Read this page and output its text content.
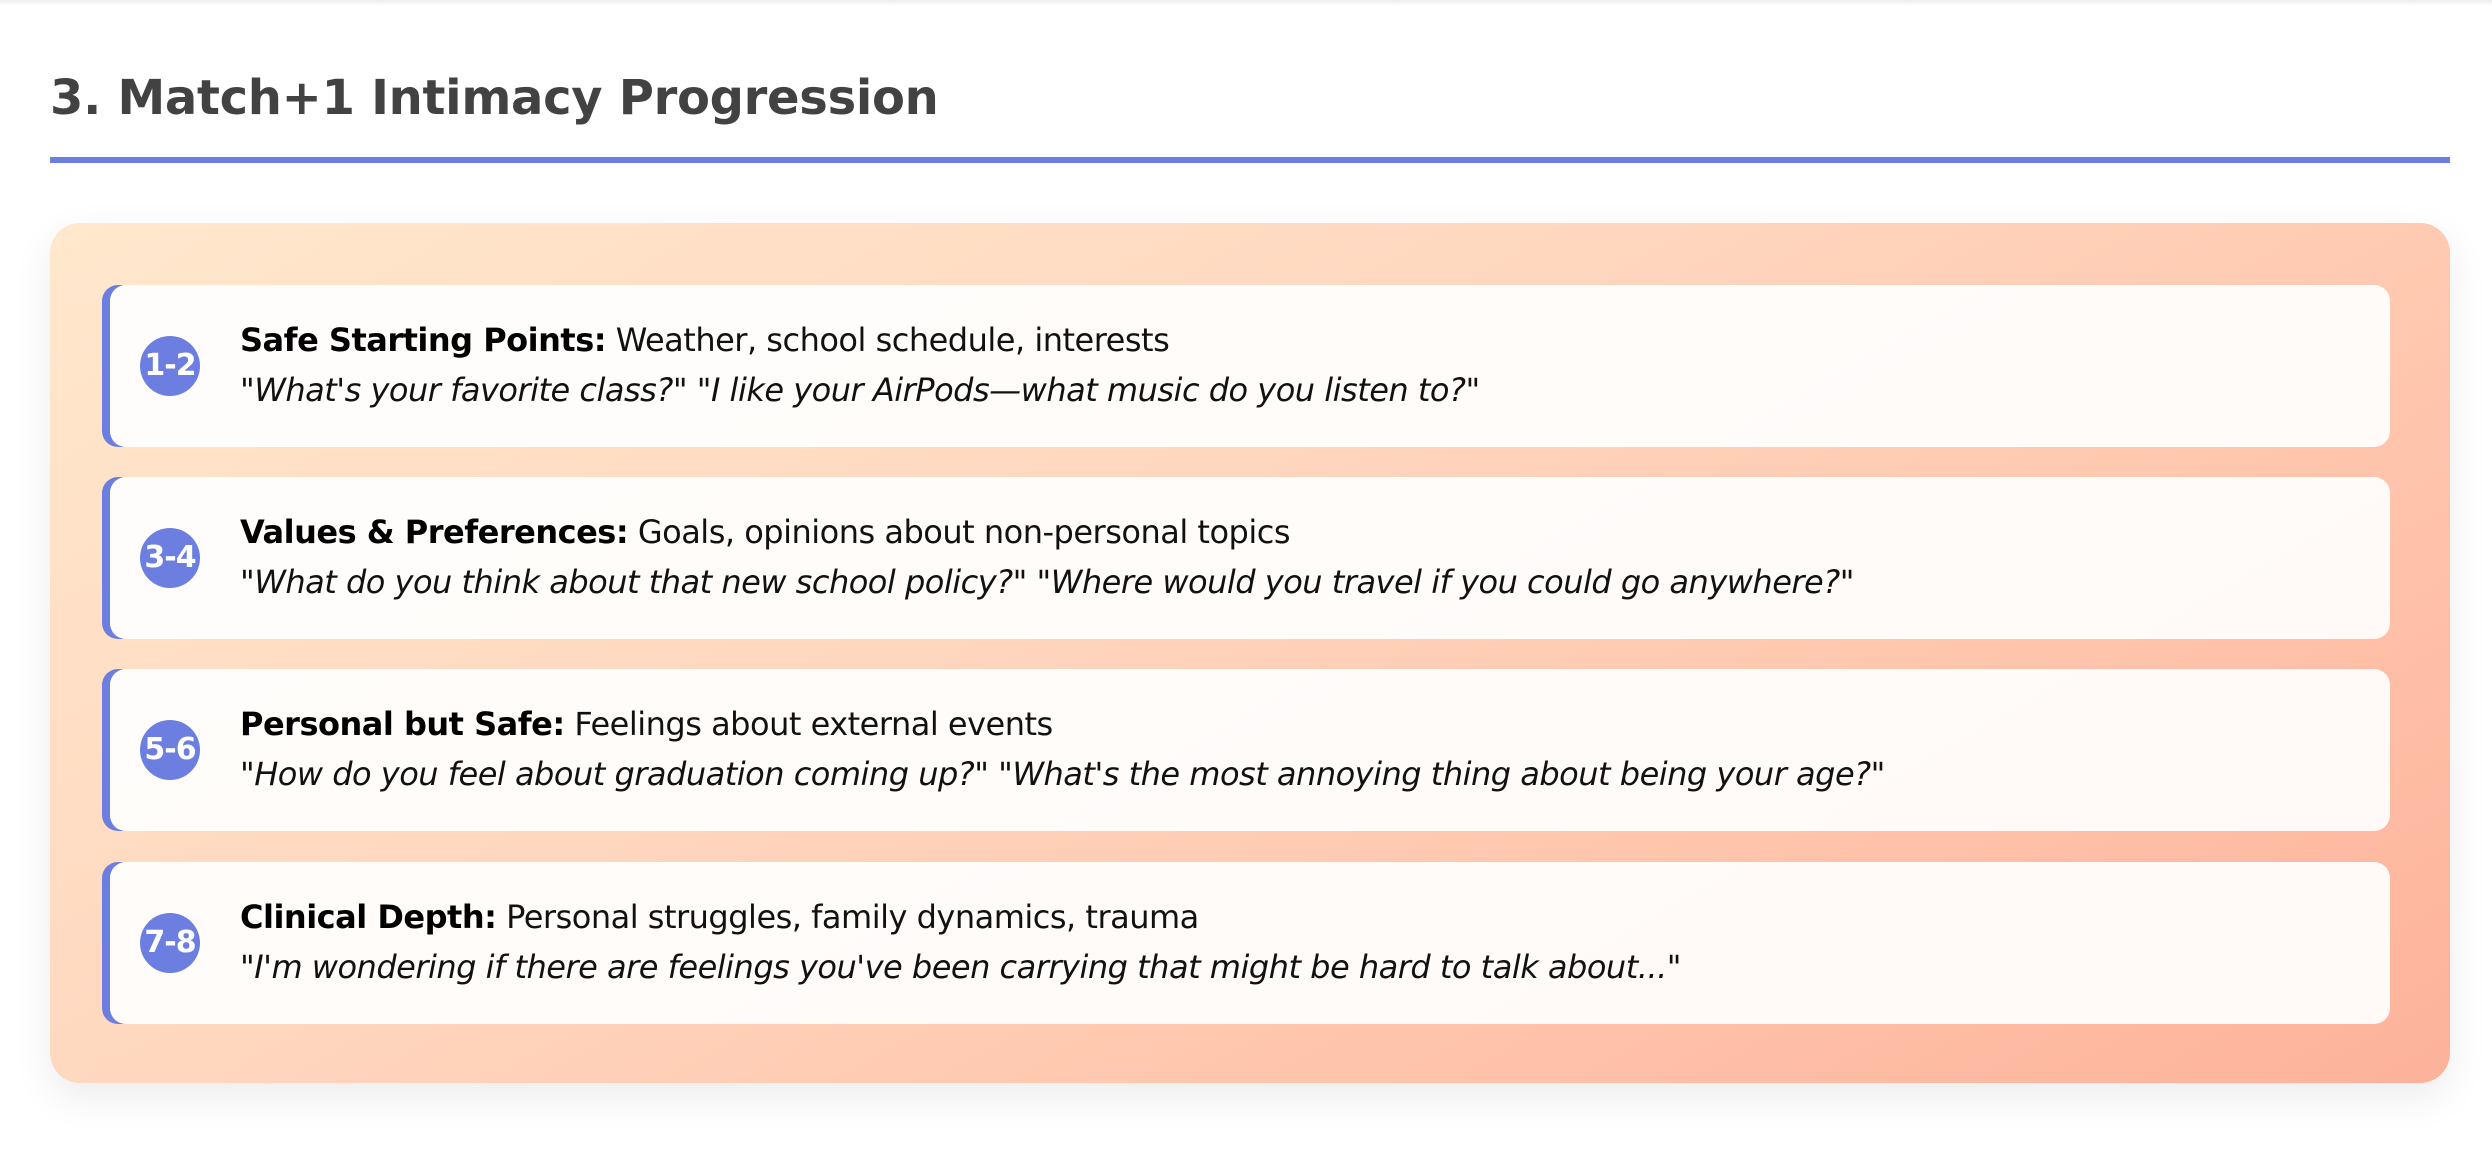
3. Match+1 Intimacy Progression
1-2
Safe Starting Points: Weather, school schedule, interests
"What's your favorite class?" "I like your AirPods—what music do you listen to?"
3-4
Values & Preferences: Goals, opinions about non-personal topics
"What do you think about that new school policy?" "Where would you travel if you could go anywhere?"
5-6
Personal but Safe: Feelings about external events
"How do you feel about graduation coming up?" "What's the most annoying thing about being your age?"
7-8
Clinical Depth: Personal struggles, family dynamics, trauma
"I'm wondering if there are feelings you've been carrying that might be hard to talk about..."
